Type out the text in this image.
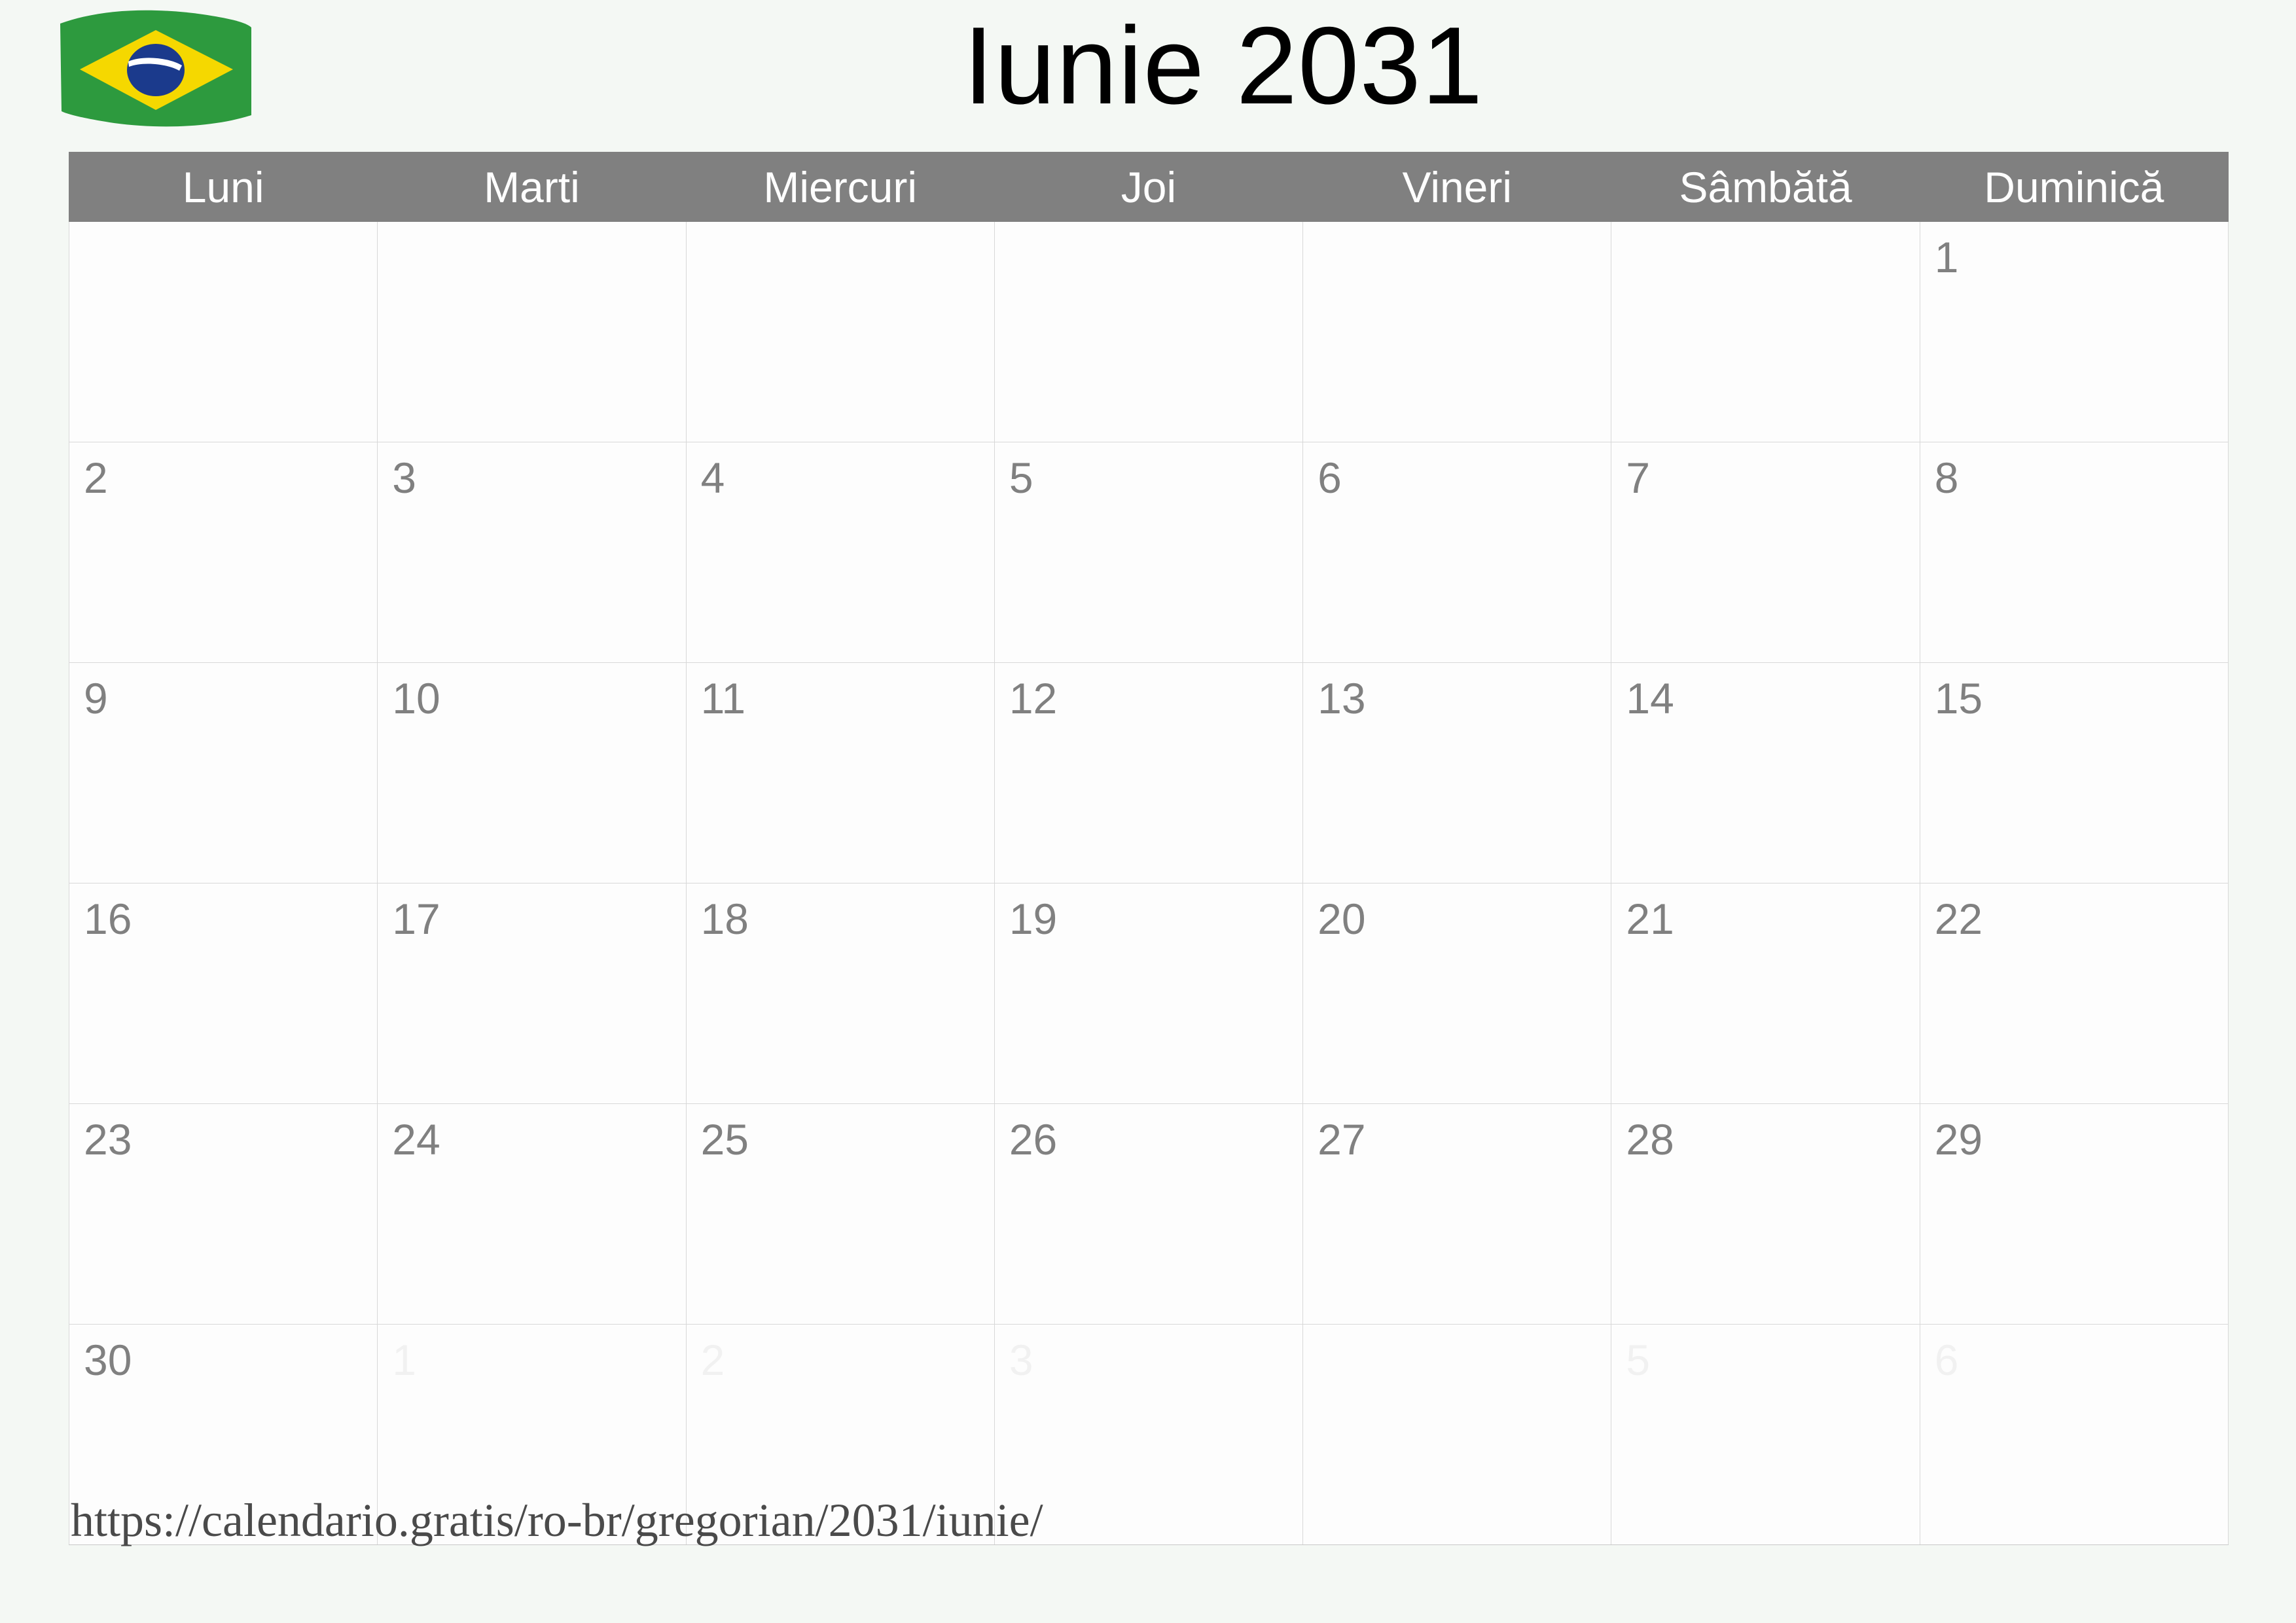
Iunie 2031
Luni	Marti	Miercuri	Joi	Vineri	Sâmbătă	Duminică

						1

2	3	4	5	6	7	8

9	10	11	12	13	14	15

16	17	18	19	20	21	22

23	24	25	26	27	28	29

30	1	2	3		5	6
https://calendario.gratis/ro-br/gregorian/2031/iunie/
